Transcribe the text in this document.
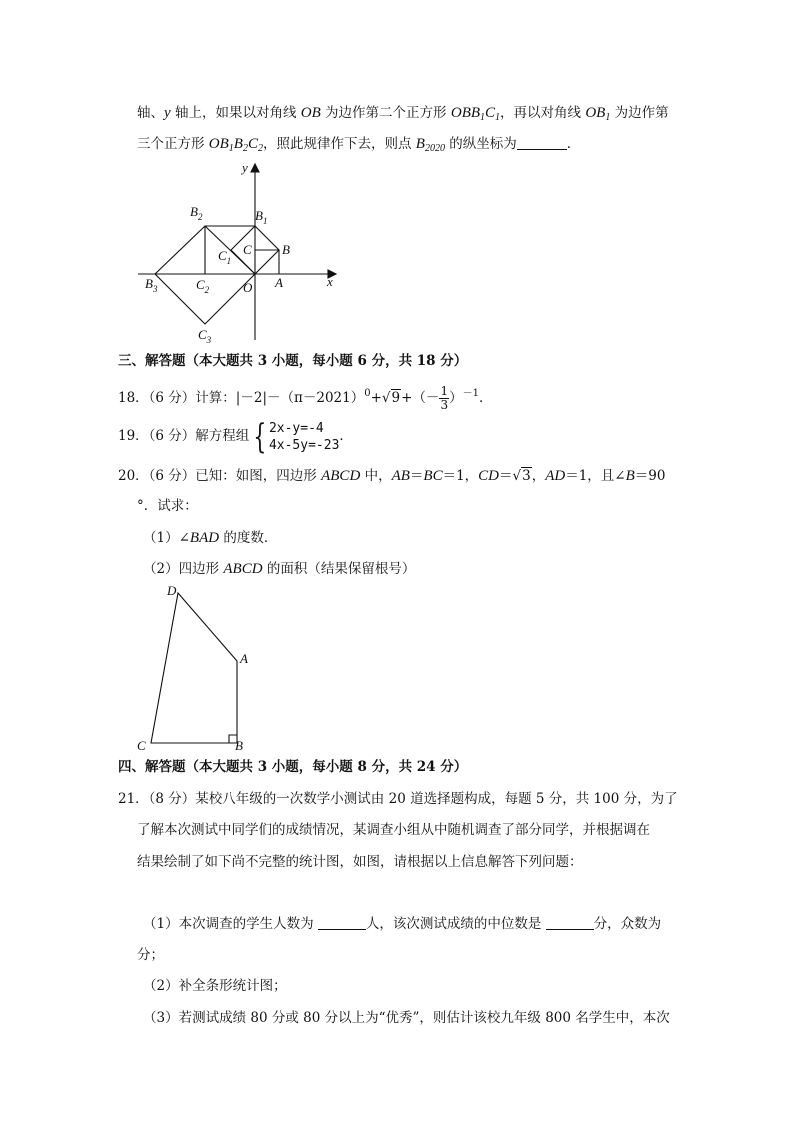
轴、y 轴上，如果以对角线 OB 为边作第二个正方形 $OBB_1C_1$，再以对角线 $OB_1$ 为边作第
三个正方形 $OB_1B_2C_2$，照此规律作下去，则点 $B_{2020}$ 的纵坐标为	．
y
x
$B_2$	$B_1$
$C_1$
C B
$B_3$	$C_2$	O A
$C_3$
三、解答题（本大题共 3 小题，每小题 6 分，共 18 分）
18．（6 分）计算：$|-2|-(\pi-2021)^0+√9+(- \frac{1}{3} )^{-1}$．
19．（6 分）解方程组 { 2x-y=-4
4x-5y=-23
．
20．（6 分）已知：如图，四边形 ABCD 中，AB＝BC＝1，CD＝√3，AD＝1，且∠B＝90
°．试求：
（1）∠BAD 的度数．
（2）四边形 ABCD 的面积（结果保留根号）
D
A
C	B
四、解答题（本大题共 3 小题，每小题 8 分，共 24 分）
21．（8 分）某校八年级的一次数学小测试由 20 道选择题构成，每题 5 分，共 100 分，为了
了解本次测试中同学们的成绩情况，某调查小组从中随机调查了部分同学，并根据调在
结果绘制了如下尚不完整的统计图，如图，请根据以上信息解答下列问题：
（1）本次调查的学生人数为	人，该次测试成绩的中位数是	分，众数为
分；
（2）补全条形统计图；
（3）若测试成绩 80 分或 80 分以上为“优秀”，则估计该校九年级 800 名学生中，本次
